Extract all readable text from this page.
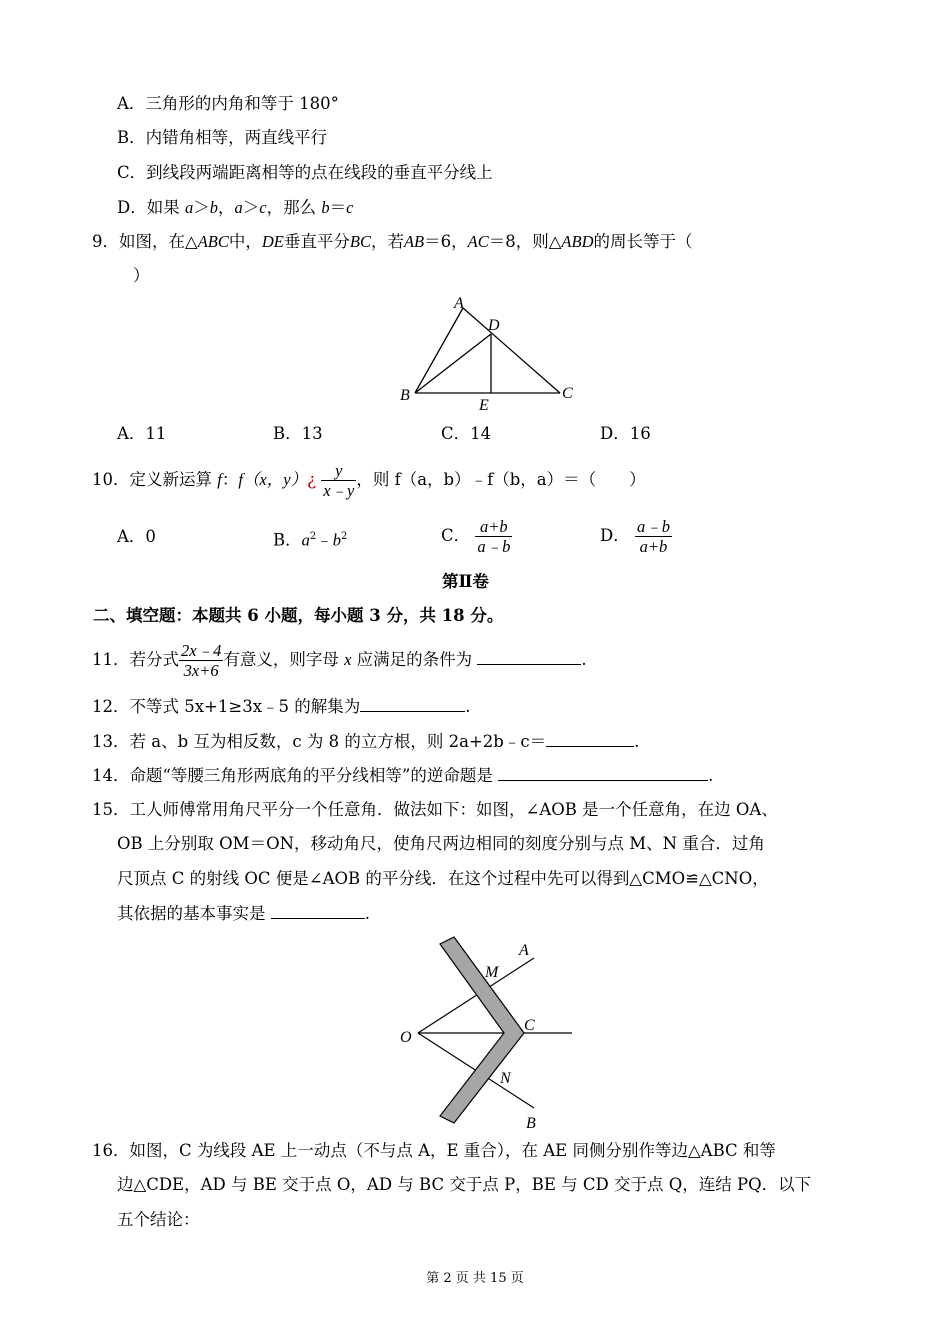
A．三角形的内角和等于 180°
B．内错角相等，两直线平行
C．到线段两端距离相等的点在线段的垂直平分线上
D．如果 a＞b，a＞c，那么 b＝c
9．如图，在△ABC中，DE垂直平分BC，若AB＝6，AC＝8，则△ABD的周长等于（
）
A
D
B	C
E
A．11	B．13	C．14	D．16
10．定义新运算 f：f（x，y）¿ $\frac{y}{x﹣y}$ ，则 f（a，b）﹣f（b，a）＝（　　）
A．0	B．$a^2﹣b^2$	C． $\frac{a+b}{a﹣b}$	D． $\frac{a﹣b}{a+b}$
第Ⅱ卷
二、填空题：本题共 6 小题，每小题 3 分，共 18 分。
11．若分式 $\frac{2x﹣4}{3x+6}$ 有意义，则字母 x 应满足的条件为	.
12．不等式 5x+1≥3x﹣5 的解集为	.
13．若 a、b 互为相反数，c 为 8 的立方根，则 2a+2b﹣c＝	.
14．命题“等腰三角形两底角的平分线相等”的逆命题是	.
15．工人师傅常用角尺平分一个任意角．做法如下：如图，∠AOB 是一个任意角，在边 OA、
OB 上分别取 OM＝ON，移动角尺，使角尺两边相同的刻度分别与点 M、N 重合．过角
尺顶点 C 的射线 OC 便是∠AOB 的平分线．在这个过程中先可以得到△CMO≌△CNO，
其依据的基本事实是	.
A
M
C
O
N
B
16．如图，C 为线段 AE 上一动点（不与点 A，E 重合），在 AE 同侧分别作等边△ABC 和等
边△CDE，AD 与 BE 交于点 O，AD 与 BC 交于点 P，BE 与 CD 交于点 Q，连结 PQ．以下
五个结论：
第 2 页 共 15 页
